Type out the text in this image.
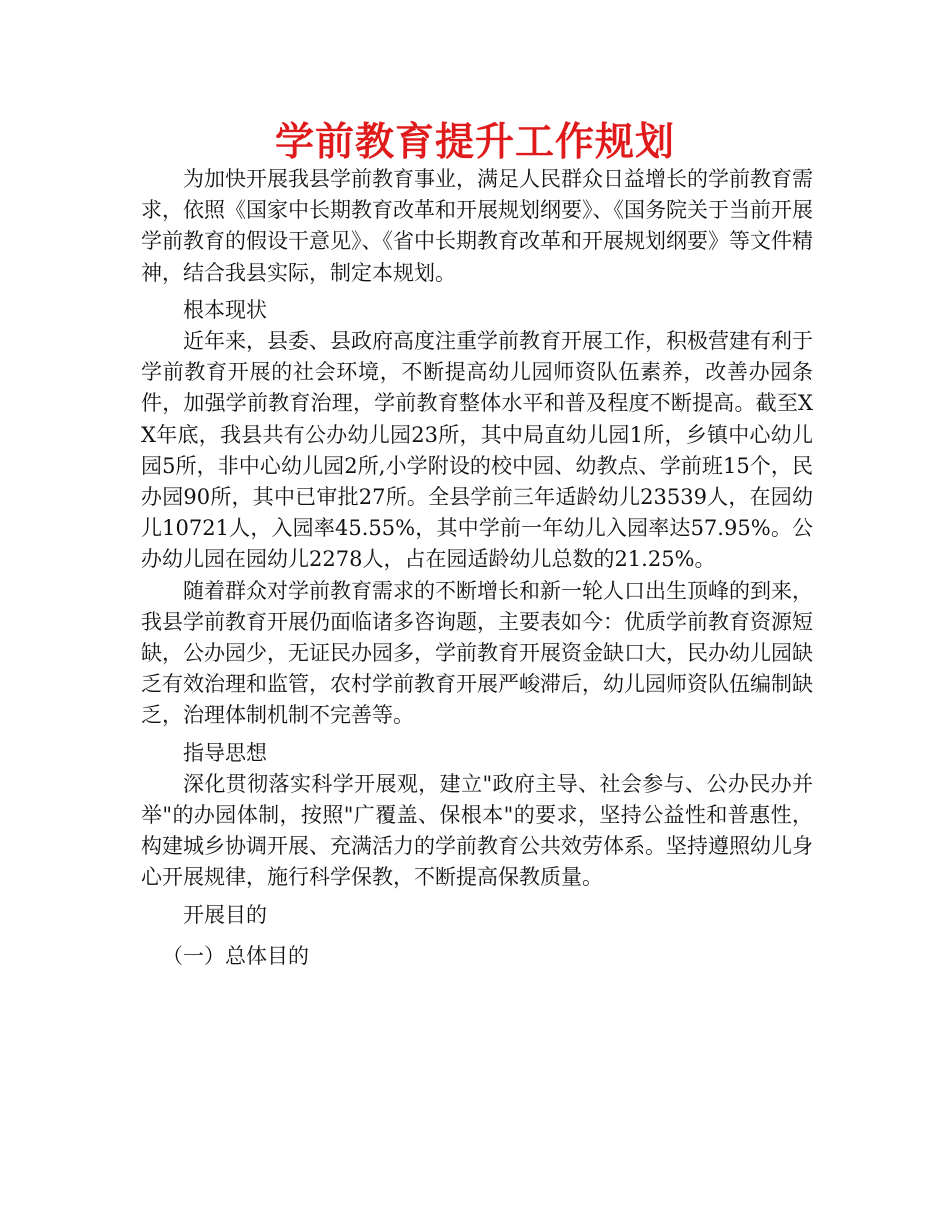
学前教育提升工作规划

为加快开展我县学前教育事业，满足人民群众日益增长的学前教育需求，依照《国家中长期教育改革和开展规划纲要》、《国务院关于当前开展学前教育的假设干意见》、《省中长期教育改革和开展规划纲要》等文件精神，结合我县实际，制定本规划。

根本现状

近年来，县委、县政府高度注重学前教育开展工作，积极营建有利于学前教育开展的社会环境，不断提高幼儿园师资队伍素养，改善办园条件，加强学前教育治理，学前教育整体水平和普及程度不断提高。截至XX年底，我县共有公办幼儿园23所，其中局直幼儿园1所，乡镇中心幼儿园5所，非中心幼儿园2所,小学附设的校中园、幼教点、学前班15个，民办园90所，其中已审批27所。全县学前三年适龄幼儿23539人，在园幼儿10721人，入园率45.55%，其中学前一年幼儿入园率达57.95%。公办幼儿园在园幼儿2278人，占在园适龄幼儿总数的21.25%。

随着群众对学前教育需求的不断增长和新一轮人口出生顶峰的到来，我县学前教育开展仍面临诸多咨询题，主要表如今：优质学前教育资源短缺，公办园少，无证民办园多，学前教育开展资金缺口大，民办幼儿园缺乏有效治理和监管，农村学前教育开展严峻滞后，幼儿园师资队伍编制缺乏，治理体制机制不完善等。

指导思想

深化贯彻落实科学开展观，建立"政府主导、社会参与、公办民办并举"的办园体制，按照"广覆盖、保根本"的要求，坚持公益性和普惠性，构建城乡协调开展、充满活力的学前教育公共效劳体系。坚持遵照幼儿身心开展规律，施行科学保教，不断提高保教质量。

开展目的

（一）总体目的
